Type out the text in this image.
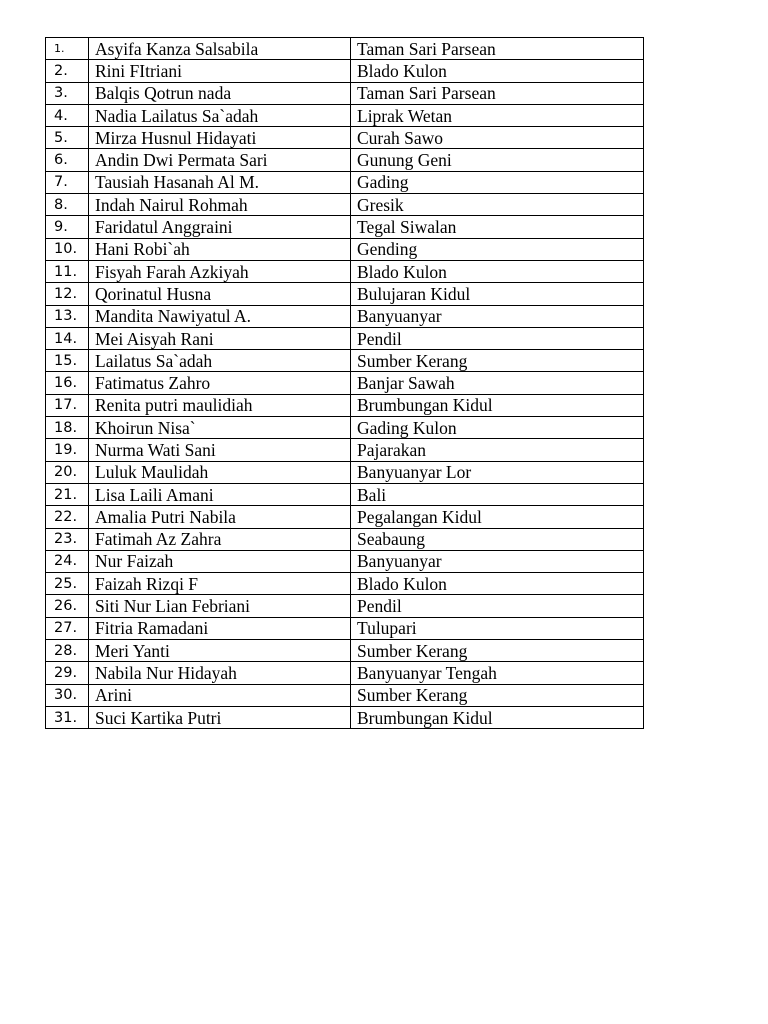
1.	Asyifa Kanza Salsabila	Taman Sari Parsean
2.	Rini FItriani	Blado Kulon
3.	Balqis Qotrun nada	Taman Sari Parsean
4.	Nadia Lailatus Sa`adah	Liprak Wetan
5.	Mirza Husnul Hidayati	Curah Sawo
6.	Andin Dwi Permata Sari	Gunung Geni
7.	Tausiah Hasanah Al M.	Gading
8.	Indah Nairul Rohmah	Gresik
9.	Faridatul Anggraini	Tegal Siwalan
10.	Hani Robi`ah	Gending
11.	Fisyah Farah Azkiyah	Blado Kulon
12.	Qorinatul Husna	Bulujaran Kidul
13.	Mandita Nawiyatul A.	Banyuanyar
14.	Mei Aisyah Rani	Pendil
15.	Lailatus Sa`adah	Sumber Kerang
16.	Fatimatus Zahro	Banjar Sawah
17.	Renita putri maulidiah	Brumbungan Kidul
18.	Khoirun Nisa`	Gading Kulon
19.	Nurma Wati Sani	Pajarakan
20.	Luluk Maulidah	Banyuanyar Lor
21.	Lisa Laili Amani	Bali
22.	Amalia Putri Nabila	Pegalangan Kidul
23.	Fatimah Az Zahra	Seabaung
24.	Nur Faizah	Banyuanyar
25.	Faizah Rizqi F	Blado Kulon
26.	Siti Nur Lian Febriani	Pendil
27.	Fitria Ramadani	Tulupari
28.	Meri Yanti	Sumber Kerang
29.	Nabila Nur Hidayah	Banyuanyar Tengah
30.	Arini	Sumber Kerang
31.	Suci Kartika Putri	Brumbungan Kidul
